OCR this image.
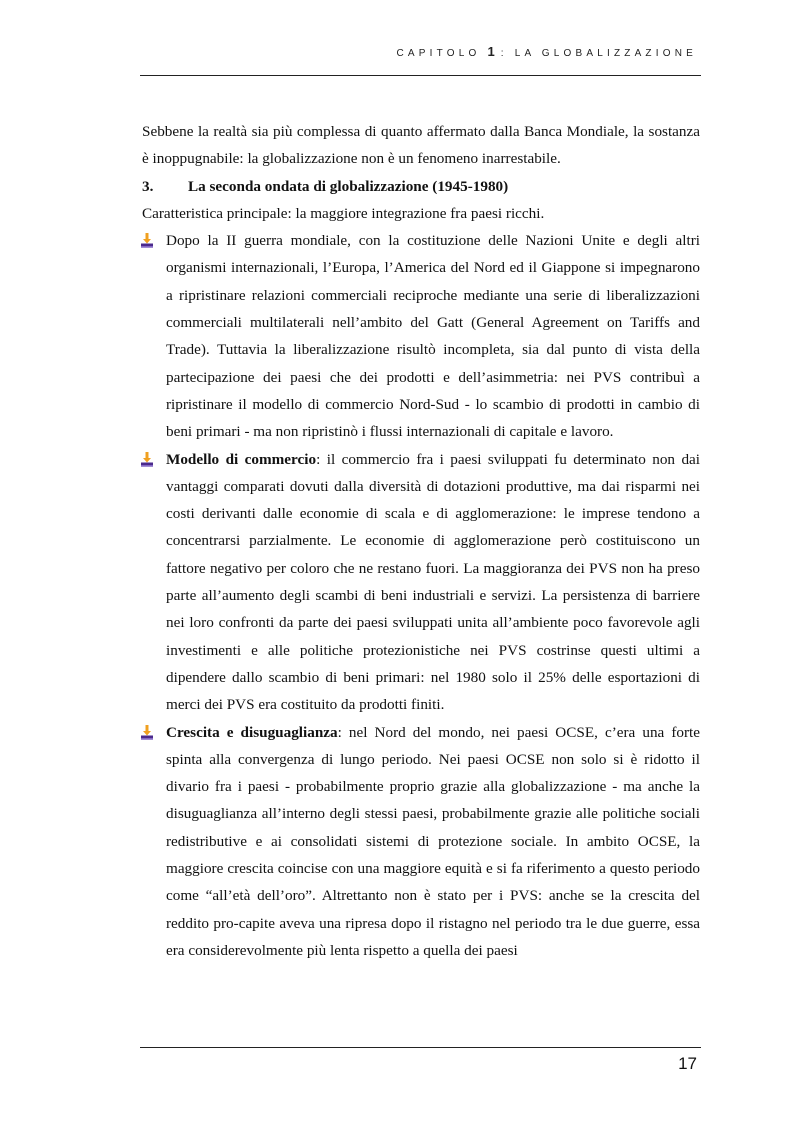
CAPITOLO 1: LA GLOBALIZZAZIONE

Sebbene la realtà sia più complessa di quanto affermato dalla Banca Mondiale, la sostanza è inoppugnabile: la globalizzazione non è un fenomeno inarrestabile.

3.	La seconda ondata di globalizzazione (1945-1980)

Caratteristica principale: la maggiore integrazione fra paesi ricchi.

Dopo la II guerra mondiale, con la costituzione delle Nazioni Unite e degli altri organismi internazionali, l’Europa, l’America del Nord ed il Giappone si impegnarono a ripristinare relazioni commerciali reciproche mediante una serie di liberalizzazioni commerciali multilaterali nell’ambito del Gatt (General Agreement on Tariffs and Trade). Tuttavia la liberalizzazione risultò incompleta, sia dal punto di vista della partecipazione dei paesi che dei prodotti e dell’asimmetria: nei PVS contribuì a ripristinare il modello di commercio Nord-Sud - lo scambio di prodotti in cambio di beni primari - ma non ripristinò i flussi internazionali di capitale e lavoro.
Modello di commercio: il commercio fra i paesi sviluppati fu determinato non dai vantaggi comparati dovuti dalla diversità di dotazioni produttive, ma dai risparmi nei costi derivanti dalle economie di scala e di agglomerazione: le imprese tendono a concentrarsi parzialmente. Le economie di agglomerazione però costituiscono un fattore negativo per coloro che ne restano fuori. La maggioranza dei PVS non ha preso parte all’aumento degli scambi di beni industriali e servizi. La persistenza di barriere nei loro confronti da parte dei paesi sviluppati unita all’ambiente poco favorevole agli investimenti e alle politiche protezionistiche nei PVS costrinse questi ultimi a dipendere dallo scambio di beni primari: nel 1980 solo il 25% delle esportazioni di merci dei PVS era costituito da prodotti finiti.
Crescita e disuguaglianza: nel Nord del mondo, nei paesi OCSE, c’era una forte spinta alla convergenza di lungo periodo. Nei paesi OCSE non solo si è ridotto il divario fra i paesi - probabilmente proprio grazie alla globalizzazione - ma anche la disuguaglianza all’interno degli stessi paesi, probabilmente grazie alle politiche sociali redistributive e ai consolidati sistemi di protezione sociale. In ambito OCSE, la maggiore crescita coincise con una maggiore equità e si fa riferimento a questo periodo come “all’età dell’oro”. Altrettanto non è stato per i PVS: anche se la crescita del reddito pro-capite aveva una ripresa dopo il ristagno nel periodo tra le due guerre, essa era considerevolmente più lenta rispetto a quella dei paesi
17
